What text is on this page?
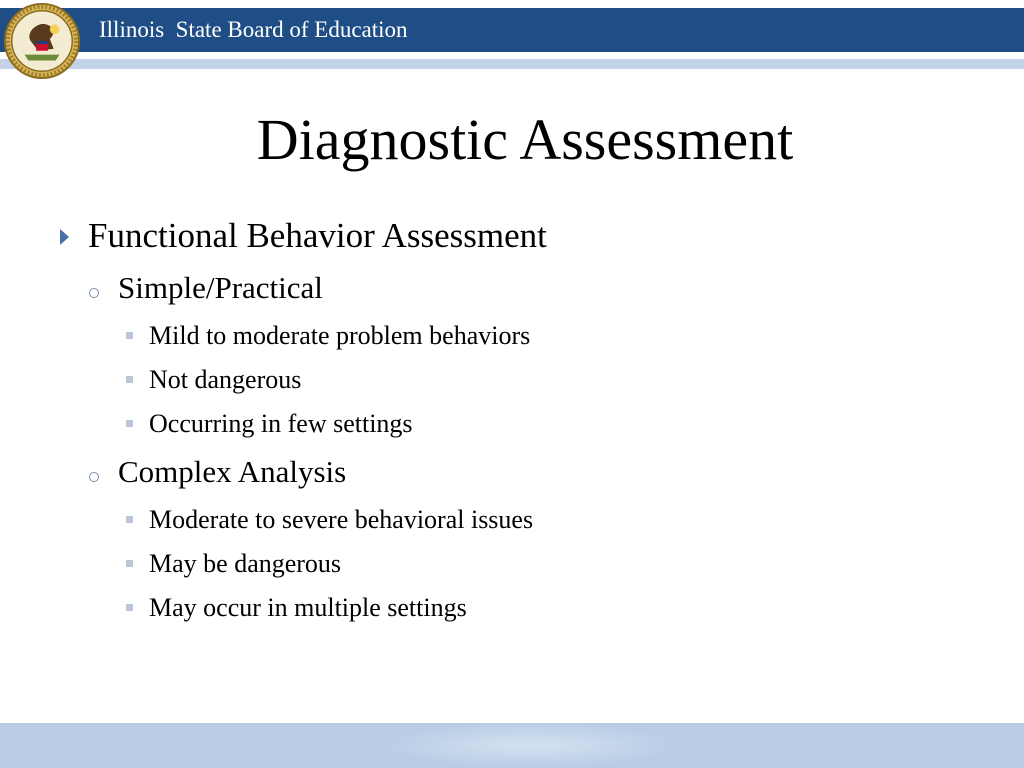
Illinois  State Board of Education
Diagnostic Assessment
Functional Behavior Assessment
Simple/Practical
Mild to moderate problem behaviors
Not dangerous
Occurring in few settings
Complex Analysis
Moderate to severe behavioral issues
May be dangerous
May occur in multiple settings
